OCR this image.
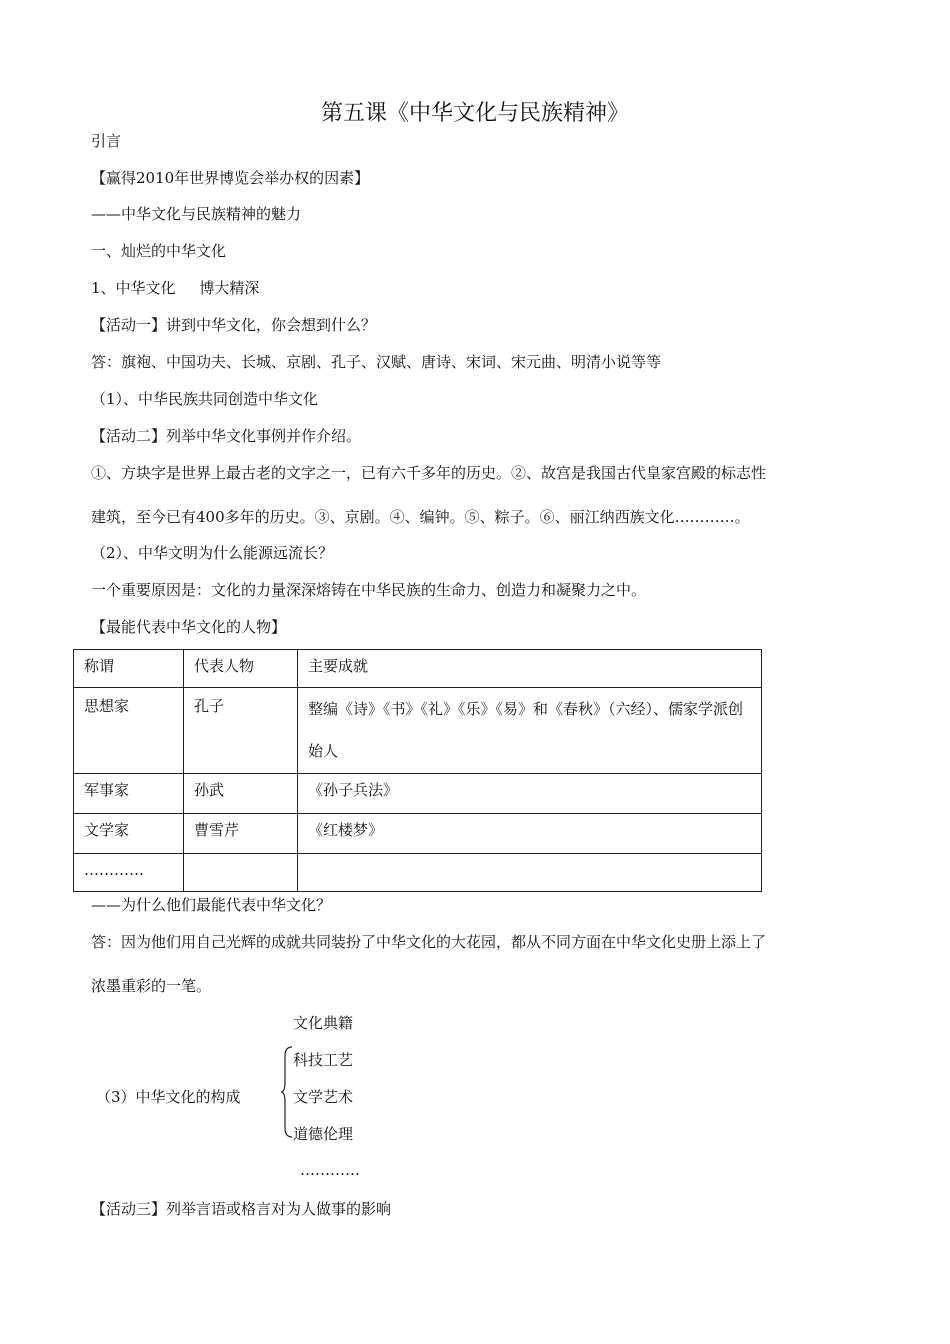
第五课《中华文化与民族精神》
引言
【赢得2010年世界博览会举办权的因素】
——中华文化与民族精神的魅力
一、灿烂的中华文化
1、中华文化     博大精深
【活动一】讲到中华文化，你会想到什么？
答：旗袍、中国功夫、长城、京剧、孔子、汉赋、唐诗、宋词、宋元曲、明清小说等等
（1）、中华民族共同创造中华文化
【活动二】列举中华文化事例并作介绍。
①、方块字是世界上最古老的文字之一，已有六千多年的历史。②、故宫是我国古代皇家宫殿的标志性
建筑，至今已有400多年的历史。③、京剧。④、编钟。⑤、粽子。⑥、丽江纳西族文化…………。
（2）、中华文明为什么能源远流长？
一个重要原因是：文化的力量深深熔铸在中华民族的生命力、创造力和凝聚力之中。
【最能代表中华文化的人物】
称谓	代表人物	主要成就
思想家	孔子	整编《诗》《书》《礼》《乐》《易》和《春秋》（六经）、儒家学派创始人
军事家	孙武	《孙子兵法》
文学家	曹雪芹	《红楼梦》
…………		
——为什么他们最能代表中华文化？
答：因为他们用自己光辉的成就共同装扮了中华文化的大花园，都从不同方面在中华文化史册上添上了
浓墨重彩的一笔。
文化典籍
科技工艺
（3）中华文化的构成	文学艺术
道德伦理
…………
【活动三】列举言语或格言对为人做事的影响
